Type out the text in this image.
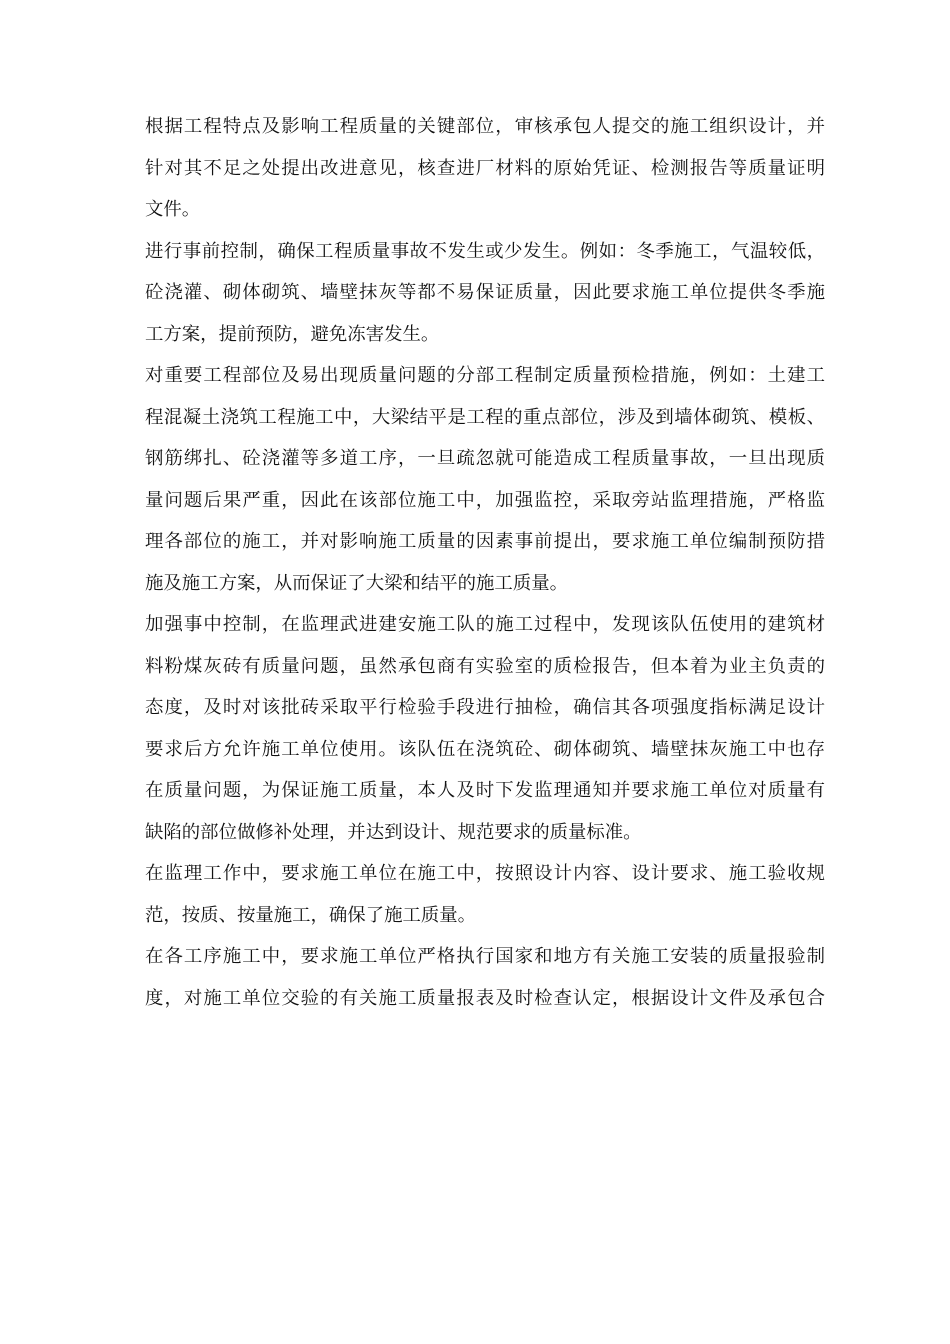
根据工程特点及影响工程质量的关键部位，审核承包人提交的施工组织设计，并
针对其不足之处提出改进意见，核查进厂材料的原始凭证、检测报告等质量证明
文件。
进行事前控制，确保工程质量事故不发生或少发生。例如：冬季施工，气温较低，
砼浇灌、砌体砌筑、墙壁抹灰等都不易保证质量，因此要求施工单位提供冬季施
工方案，提前预防，避免冻害发生。
对重要工程部位及易出现质量问题的分部工程制定质量预检措施，例如：土建工
程混凝土浇筑工程施工中，大梁结平是工程的重点部位，涉及到墙体砌筑、模板、
钢筋绑扎、砼浇灌等多道工序，一旦疏忽就可能造成工程质量事故，一旦出现质
量问题后果严重，因此在该部位施工中，加强监控，采取旁站监理措施，严格监
理各部位的施工，并对影响施工质量的因素事前提出，要求施工单位编制预防措
施及施工方案，从而保证了大梁和结平的施工质量。
加强事中控制，在监理武进建安施工队的施工过程中，发现该队伍使用的建筑材
料粉煤灰砖有质量问题，虽然承包商有实验室的质检报告，但本着为业主负责的
态度，及时对该批砖采取平行检验手段进行抽检，确信其各项强度指标满足设计
要求后方允许施工单位使用。该队伍在浇筑砼、砌体砌筑、墙壁抹灰施工中也存
在质量问题，为保证施工质量，本人及时下发监理通知并要求施工单位对质量有
缺陷的部位做修补处理，并达到设计、规范要求的质量标准。
在监理工作中，要求施工单位在施工中，按照设计内容、设计要求、施工验收规
范，按质、按量施工，确保了施工质量。
在各工序施工中，要求施工单位严格执行国家和地方有关施工安装的质量报验制
度，对施工单位交验的有关施工质量报表及时检查认定，根据设计文件及承包合
